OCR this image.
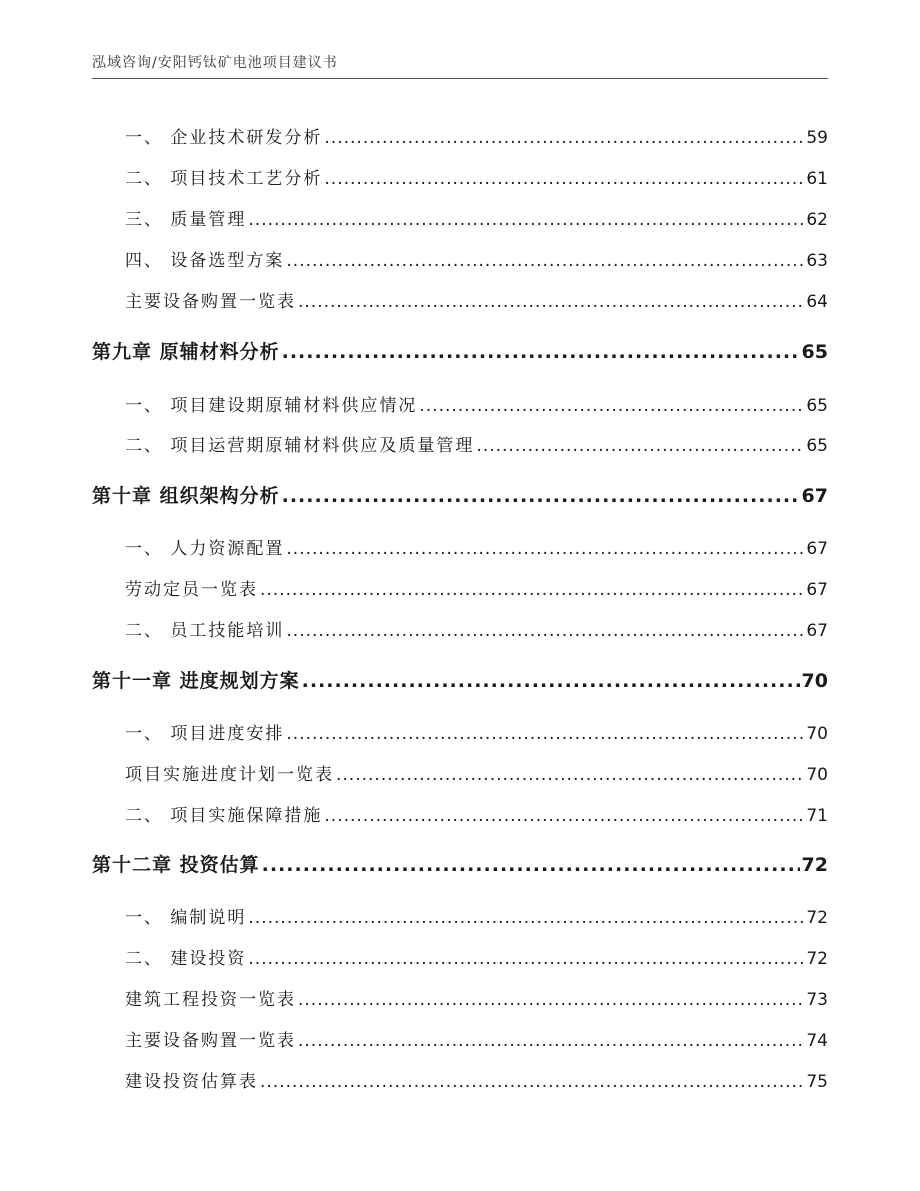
泓域咨询/安阳钙钛矿电池项目建议书
一、 企业技术研发分析 .....	59
二、 项目技术工艺分析 .....	61
三、 质量管理 .....	62
四、 设备选型方案 .....	63
主要设备购置一览表 .....	64
第九章 原辅材料分析 .....	65
一、 项目建设期原辅材料供应情况 .....	65
二、 项目运营期原辅材料供应及质量管理 .....	65
第十章 组织架构分析 .....	67
一、 人力资源配置 .....	67
劳动定员一览表 .....	67
二、 员工技能培训 .....	67
第十一章 进度规划方案 .....	70
一、 项目进度安排 .....	70
项目实施进度计划一览表 .....	70
二、 项目实施保障措施 .....	71
第十二章 投资估算 .....	72
一、 编制说明 .....	72
二、 建设投资 .....	72
建筑工程投资一览表 .....	73
主要设备购置一览表 .....	74
建设投资估算表 .....	75
